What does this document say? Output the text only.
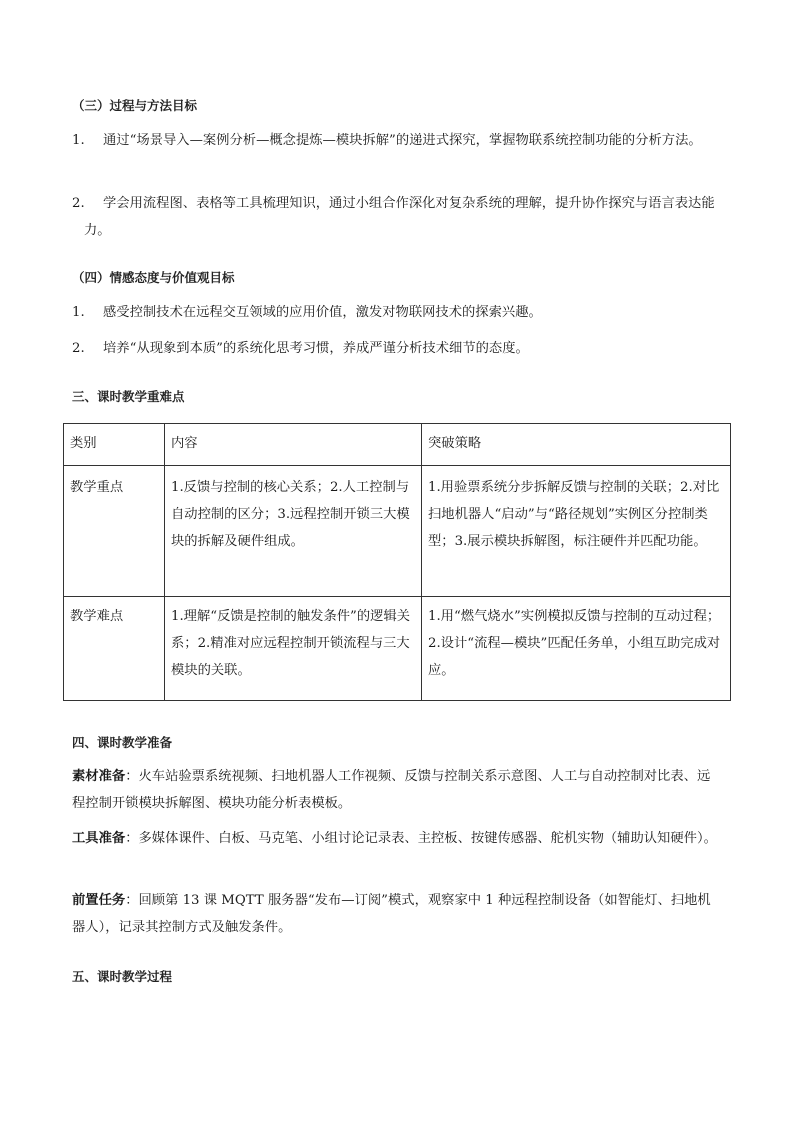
（三）过程与方法目标
1.	通过“场景导入—案例分析—概念提炼—模块拆解”的递进式探究，掌握物联系统控制功能的分析方法。
2.	学会用流程图、表格等工具梳理知识，通过小组合作深化对复杂系统的理解，提升协作探究与语言表达能力。
（四）情感态度与价值观目标
1.	感受控制技术在远程交互领域的应用价值，激发对物联网技术的探索兴趣。
2.	培养“从现象到本质”的系统化思考习惯，养成严谨分析技术细节的态度。
三、课时教学重难点
类别	内容	突破策略
教学重点	1.反馈与控制的核心关系；2.人工控制与自动控制的区分；3.远程控制开锁三大模块的拆解及硬件组成。	1.用验票系统分步拆解反馈与控制的关联；2.对比扫地机器人“启动”与“路径规划”实例区分控制类型；3.展示模块拆解图，标注硬件并匹配功能。
教学难点	1.理解“反馈是控制的触发条件”的逻辑关系；2.精准对应远程控制开锁流程与三大模块的关联。	1.用“燃气烧水”实例模拟反馈与控制的互动过程；2.设计“流程—模块”匹配任务单，小组互助完成对应。
四、课时教学准备
素材准备：火车站验票系统视频、扫地机器人工作视频、反馈与控制关系示意图、人工与自动控制对比表、远程控制开锁模块拆解图、模块功能分析表模板。
工具准备：多媒体课件、白板、马克笔、小组讨论记录表、主控板、按键传感器、舵机实物（辅助认知硬件）。
前置任务：回顾第 13 课 MQTT 服务器“发布—订阅”模式，观察家中 1 种远程控制设备（如智能灯、扫地机器人），记录其控制方式及触发条件。
五、课时教学过程
